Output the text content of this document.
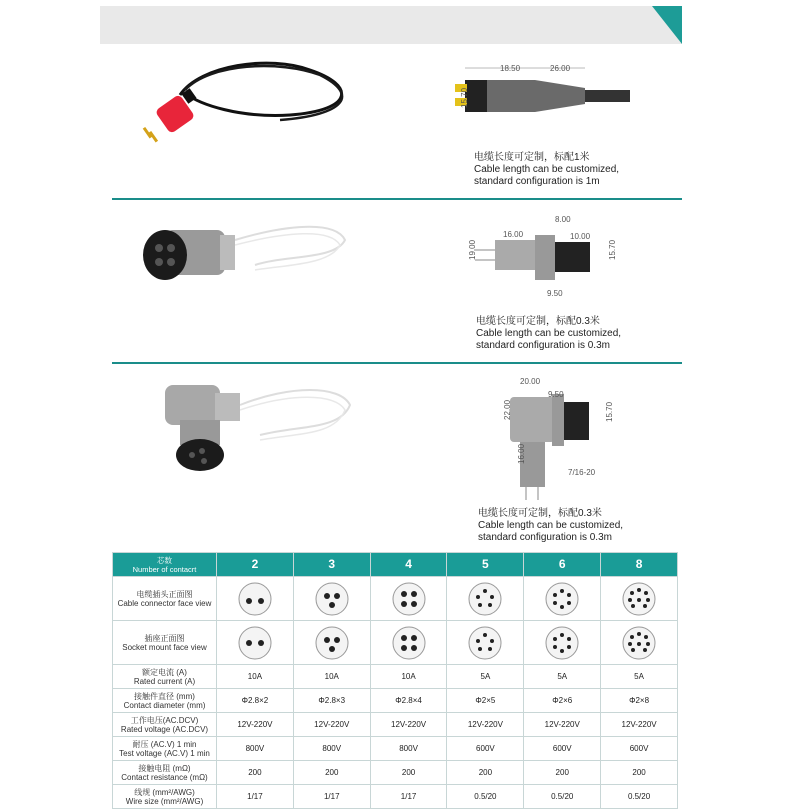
18.50	26.00
15.70
电缆长度可定制，标配1米
Cable length can be customized,
standard configuration is 1m
8.00
16.00	10.00
19.00	15.70
9.50
电缆长度可定制，标配0.3米
Cable length can be customized,
standard configuration is 0.3m
20.00
9.50
22.00	15.70
16.00
7/16-20
电缆长度可定制，标配0.3米
Cable length can be customized,
standard configuration is 0.3m
芯数
Number of contacrt	2	3	4	5	6	8

电缆插头正面图
Cable connector face view

插座正面图
Socket mount face view

额定电流 (A)
Rated current (A)	10A	10A	10A	5A	5A	5A

接触件直径 (mm)
Contact diameter (mm)	Φ2.8×2	Φ2.8×3	Φ2.8×4	Φ2×5	Φ2×6	Φ2×8

工作电压(AC.DCV)
Rated voltage (AC.DCV)	12V-220V	12V-220V	12V-220V	12V-220V	12V-220V	12V-220V

耐压 (AC.V) 1 min
Test voltage (AC.V) 1 min	800V	800V	800V	600V	600V	600V

接触电阻 (mΩ)
Contact resistance (mΩ)	200	200	200	200	200	200

线规 (mm²/AWG)
Wire size (mm²/AWG)	1/17	1/17	1/17	0.5/20	0.5/20	0.5/20
